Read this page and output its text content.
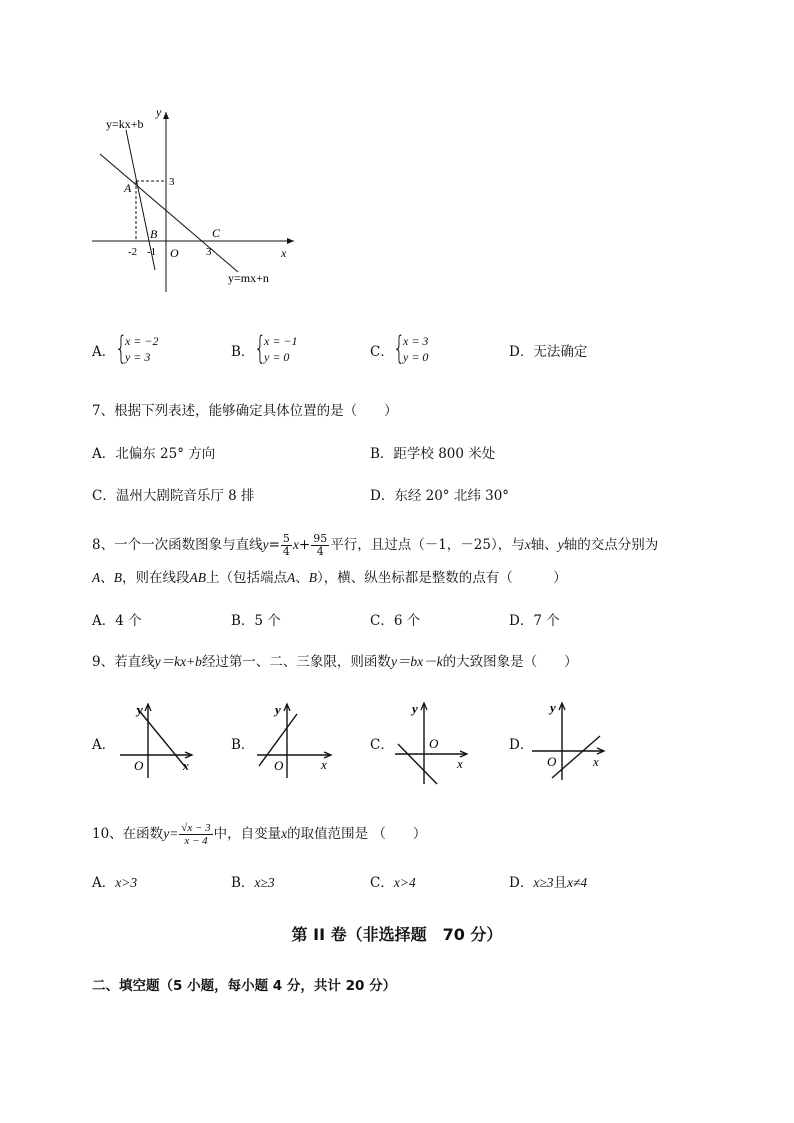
y=kx+b
y=mx+n
y
x
A
B	C
O
3
-2 -1	3
A． {
x = −2
y = 3	B． {
x = −1
y = 0	C． {
x = 3
y = 0	D．无法确定
7、根据下列表述，能够确定具体位置的是（　　）
A．北偏东 25° 方向	B．距学校 800 米处
C．温州大剧院音乐厅 8 排	D．东经 20° 北纬 30°
8、一个一次函数图象与直线$y= \frac{5}{4} x+ \frac{95}{4}$ 平行，且过点（－1，－25），与x轴、y轴的交点分别为
A、B，则在线段AB上（包括端点A、B），横、纵坐标都是整数的点有（　　　）
A．4 个	B．5 个	C．6 个	D．7 个
9、若直线y＝kx+b经过第一、二、三象限，则函数y＝bx－k的大致图象是（　　）
A．
y
x
O
B．
y
x
O
C．
y
x
O	D．
y
x
O
10、在函数$y= \frac{√x - 3}{x - 4}$ 中，自变量x的取值范围是 （　　）
A．x>3	B．x≥3	C．x>4	D．x≥3且x≠4
第 II 卷（非选择题　70 分）
二、填空题（5 小题，每小题 4 分，共计 20 分）
